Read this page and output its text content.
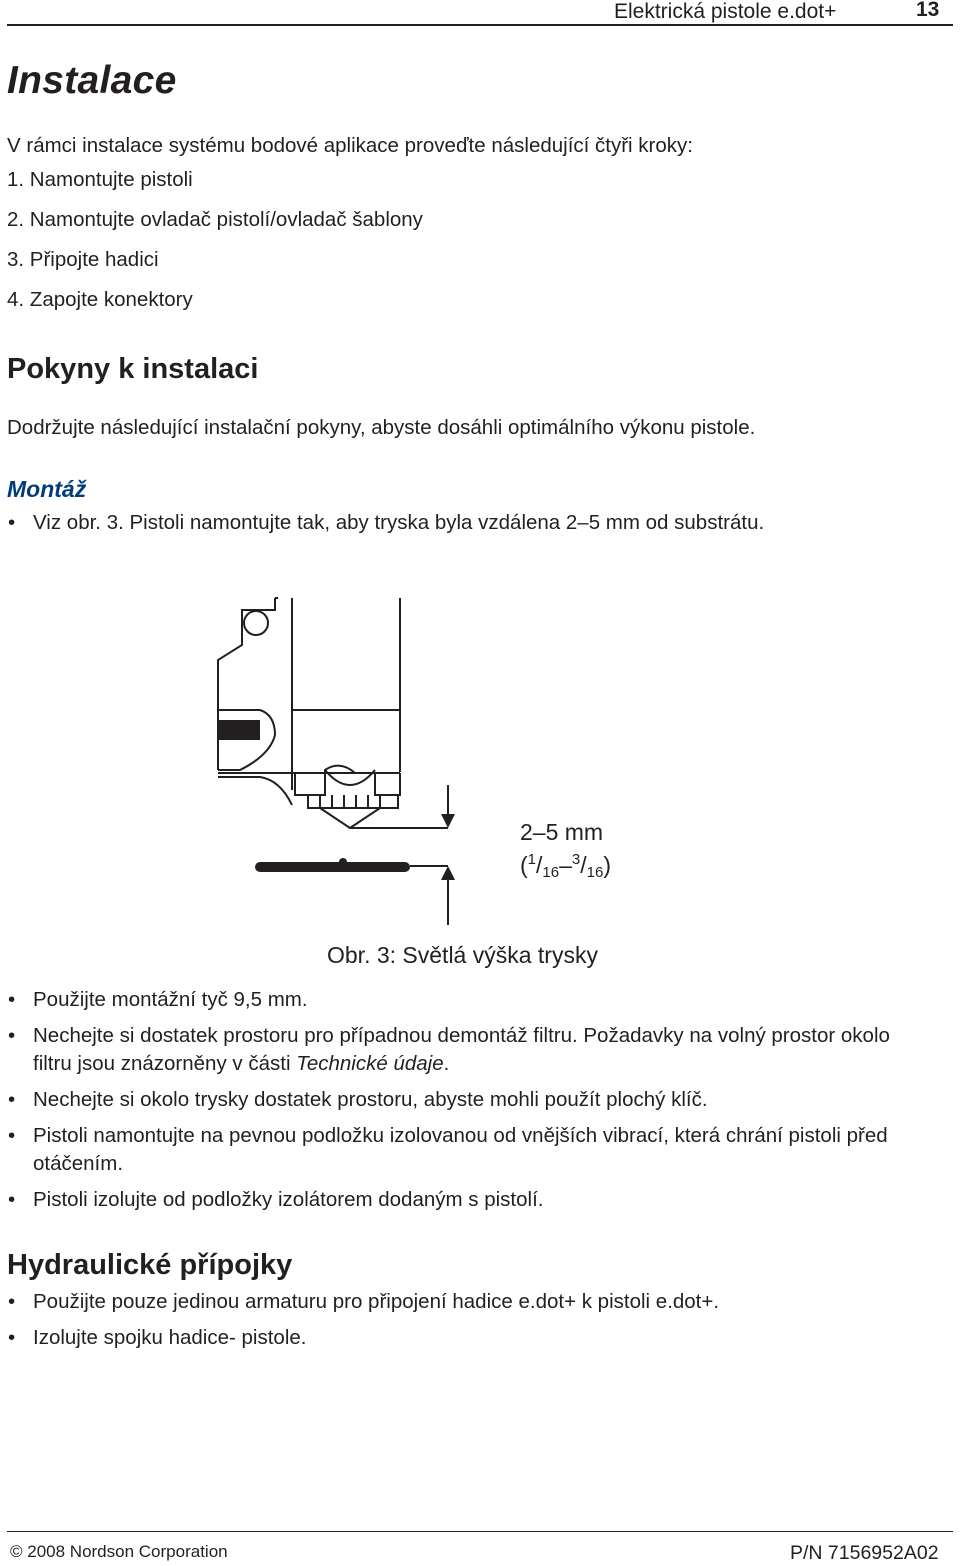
Elektrická pistole e.dot+	13
Instalace
V rámci instalace systému bodové aplikace proveďte následující čtyři kroky:
1. Namontujte pistoli
2. Namontujte ovladač pistolí/ovladač šablony
3. Připojte hadici
4. Zapojte konektory
Pokyny k instalaci
Dodržujte následující instalační pokyny, abyste dosáhli optimálního výkonu pistole.
Montáž
• Viz obr. 3. Pistoli namontujte tak, aby tryska byla vzdálena 2–5 mm od substrátu.
2–5 mm
($^1$/16–$^3$/16)
Obr. 3: Světlá výška trysky
• Použijte montážní tyč 9,5 mm.
• Nechejte si dostatek prostoru pro případnou demontáž filtru. Požadavky na volný prostor okolo filtru jsou znázorněny v části Technické údaje.
• Nechejte si okolo trysky dostatek prostoru, abyste mohli použít plochý klíč.
• Pistoli namontujte na pevnou podložku izolovanou od vnějších vibrací, která chrání pistoli před otáčením.
• Pistoli izolujte od podložky izolátorem dodaným s pistolí.
Hydraulické přípojky
• Použijte pouze jedinou armaturu pro připojení hadice e.dot+ k pistoli e.dot+.
• Izolujte spojku hadice- pistole.
© 2008 Nordson Corporation	P/N 7156952A02
